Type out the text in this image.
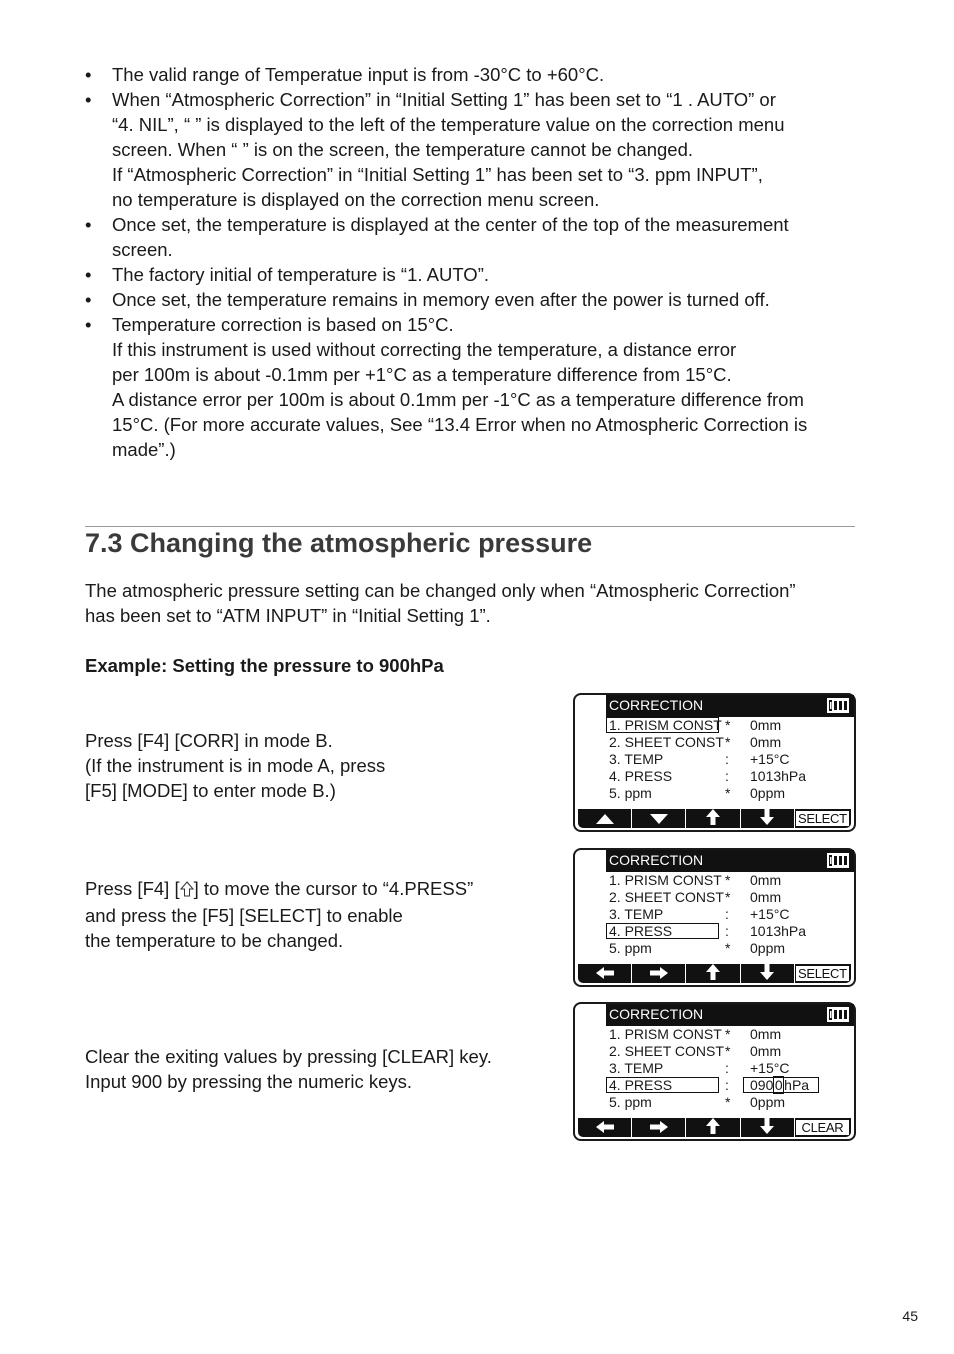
• The valid range of Temperatue input is from -30°C to +60°C.
• When “Atmospheric Correction” in “Initial Setting 1” has been set to “1 . AUTO” or
“4. NIL”, “ ” is displayed to the left of the temperature value on the correction menu
screen. When “ ” is on the screen, the temperature cannot be changed.
If “Atmospheric Correction” in “Initial Setting 1” has been set to “3. ppm INPUT”,
no temperature is displayed on the correction menu screen.
• Once set, the temperature is displayed at the center of the top of the measurement
screen.
• The factory initial of temperature is “1. AUTO”.
• Once set, the temperature remains in memory even after the power is turned off.
• Temperature correction is based on 15°C.
If this instrument is used without correcting the temperature, a distance error
per 100m is about -0.1mm per +1°C as a temperature difference from 15°C.
A distance error per 100m is about 0.1mm per -1°C as a temperature difference from
15°C. (For more accurate values, See “13.4 Error when no Atmospheric Correction is
made”.)
7.3 Changing the atmospheric pressure
The atmospheric pressure setting can be changed only when “Atmospheric Correction”
has been set to “ATM INPUT” in “Initial Setting 1”.
Example: Setting the pressure to 900hPa
Press [F4] [CORR] in mode B.
(If the instrument is in mode A, press
[F5] [MODE] to enter mode B.)
Press [F4] [ ] to move the cursor to “4.PRESS”
and press the [F5] [SELECT] to enable
the temperature to be changed.
Clear the exiting values by pressing [CLEAR] key.
Input 900 by pressing the numeric keys.
CORRECTION
1. PRISM CONST * 0mm
2. SHEET CONST * 0mm
3. TEMP	: +15°C
4. PRESS	: 1013hPa
5. ppm	* 0ppm
SELECT
CORRECTION
1. PRISM CONST * 0mm
2. SHEET CONST * 0mm
3. TEMP	: +15°C
4. PRESS	: 1013hPa
5. ppm	* 0ppm
SELECT
CORRECTION
1. PRISM CONST * 0mm
2. SHEET CONST * 0mm
3. TEMP	: +15°C
4. PRESS	: 090 0 hPa
5. ppm	* 0ppm
CLEAR
45
